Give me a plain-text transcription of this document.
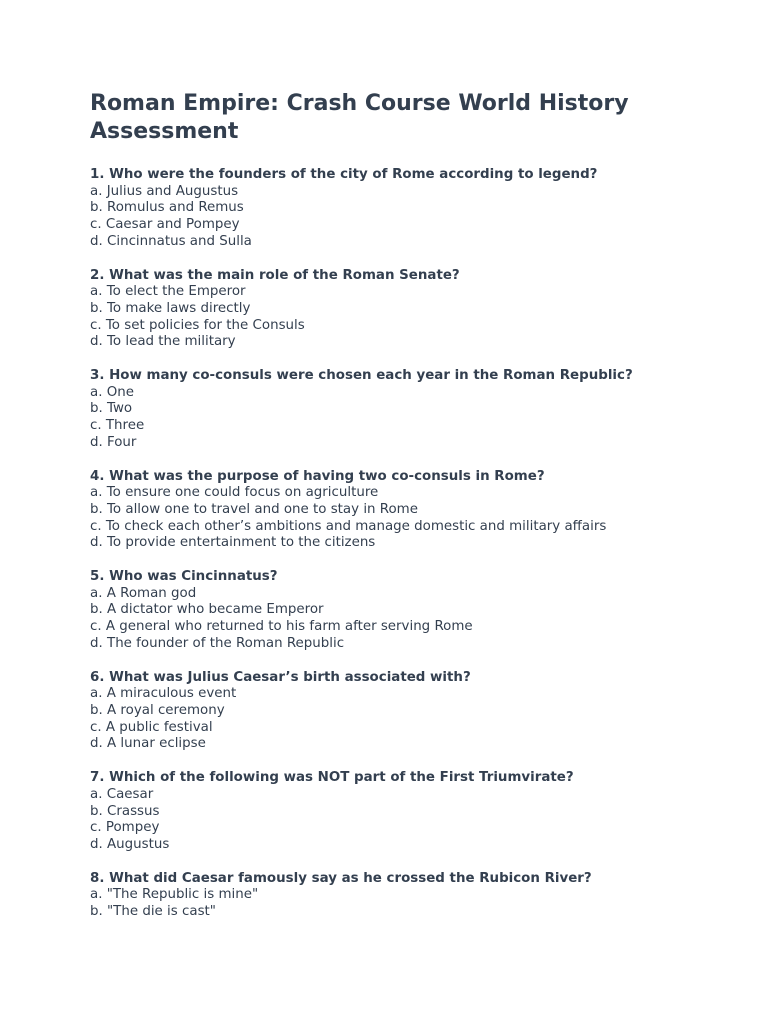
Roman Empire: Crash Course World History Assessment
1. Who were the founders of the city of Rome according to legend?
a. Julius and Augustus
b. Romulus and Remus
c. Caesar and Pompey
d. Cincinnatus and Sulla
2. What was the main role of the Roman Senate?
a. To elect the Emperor
b. To make laws directly
c. To set policies for the Consuls
d. To lead the military
3. How many co-consuls were chosen each year in the Roman Republic?
a. One
b. Two
c. Three
d. Four
4. What was the purpose of having two co-consuls in Rome?
a. To ensure one could focus on agriculture
b. To allow one to travel and one to stay in Rome
c. To check each other’s ambitions and manage domestic and military affairs
d. To provide entertainment to the citizens
5. Who was Cincinnatus?
a. A Roman god
b. A dictator who became Emperor
c. A general who returned to his farm after serving Rome
d. The founder of the Roman Republic
6. What was Julius Caesar’s birth associated with?
a. A miraculous event
b. A royal ceremony
c. A public festival
d. A lunar eclipse
7. Which of the following was NOT part of the First Triumvirate?
a. Caesar
b. Crassus
c. Pompey
d. Augustus
8. What did Caesar famously say as he crossed the Rubicon River?
a. "The Republic is mine"
b. "The die is cast"
